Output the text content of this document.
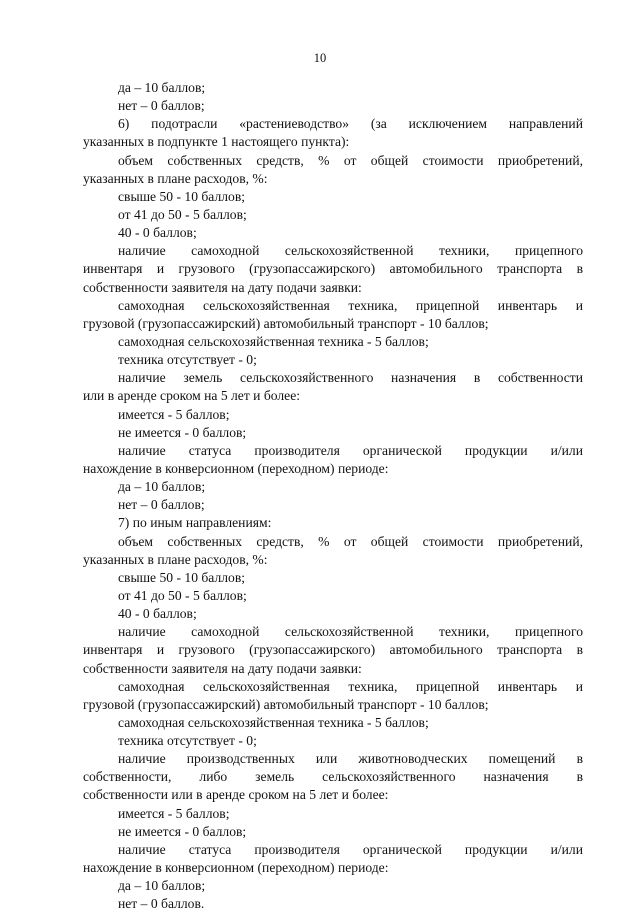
10
да – 10 баллов;
нет – 0 баллов;
6) подотрасли «растениеводство» (за исключением направлений
указанных в подпункте 1 настоящего пункта):
объем собственных средств, % от общей стоимости приобретений,
указанных в плане расходов, %:
свыше 50 - 10 баллов;
от 41 до 50 - 5 баллов;
40 - 0 баллов;
наличие самоходной сельскохозяйственной техники, прицепного
инвентаря и грузового (грузопассажирского) автомобильного транспорта в
собственности заявителя на дату подачи заявки:
самоходная сельскохозяйственная техника, прицепной инвентарь и
грузовой (грузопассажирский) автомобильный транспорт - 10 баллов;
самоходная сельскохозяйственная техника - 5 баллов;
техника отсутствует - 0;
наличие земель сельскохозяйственного назначения в собственности
или в аренде сроком на 5 лет и более:
имеется - 5 баллов;
не имеется - 0 баллов;
наличие статуса производителя органической продукции и/или
нахождение в конверсионном (переходном) периоде:
да – 10 баллов;
нет – 0 баллов;
7) по иным направлениям:
объем собственных средств, % от общей стоимости приобретений,
указанных в плане расходов, %:
свыше 50 - 10 баллов;
от 41 до 50 - 5 баллов;
40 - 0 баллов;
наличие самоходной сельскохозяйственной техники, прицепного
инвентаря и грузового (грузопассажирского) автомобильного транспорта в
собственности заявителя на дату подачи заявки:
самоходная сельскохозяйственная техника, прицепной инвентарь и
грузовой (грузопассажирский) автомобильный транспорт - 10 баллов;
самоходная сельскохозяйственная техника - 5 баллов;
техника отсутствует - 0;
наличие производственных или животноводческих помещений в
собственности, либо земель сельскохозяйственного назначения в
собственности или в аренде сроком на 5 лет и более:
имеется - 5 баллов;
не имеется - 0 баллов;
наличие статуса производителя органической продукции и/или
нахождение в конверсионном (переходном) периоде:
да – 10 баллов;
нет – 0 баллов.
